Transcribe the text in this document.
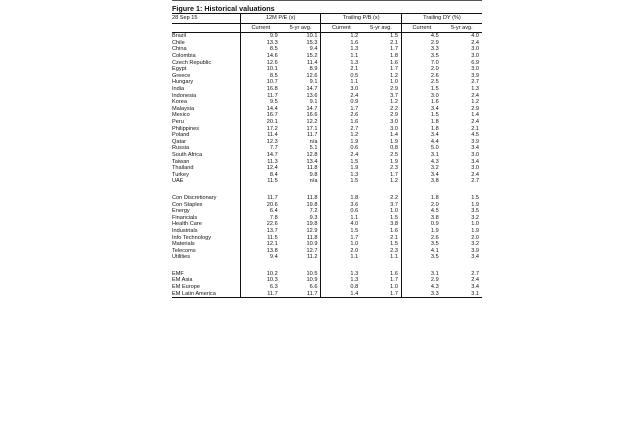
Figure 1: Historical valuations
28 Sep 15	12M P/E (x)		Trailing P/B (x)		Trailing DY (%)	
	Current	5-yr avg.	Current	5-yr avg.	Current	5-yr avg.
Brazil	9.9	10.1	1.2	1.5	4.5	4.0
Chile	13.3	15.3	1.6	2.1	2.9	2.4
China	8.5	9.4	1.3	1.7	3.3	3.0
Colombia	14.6	15.2	1.1	1.8	3.5	3.0
Czech Republic	12.6	11.4	1.3	1.6	7.0	6.9
Egypt	10.1	8.9	2.1	1.7	2.0	3.0
Greece	8.5	12.6	0.5	1.2	2.6	3.9
Hungary	10.7	9.1	1.1	1.0	2.5	2.7
India	16.8	14.7	3.0	2.9	1.5	1.3
Indonesia	11.7	13.6	2.4	3.7	3.0	2.4
Korea	9.5	9.1	0.9	1.2	1.6	1.2
Malaysia	14.4	14.7	1.7	2.2	3.4	2.9
Mexico	16.7	16.6	2.6	2.9	1.5	1.4
Peru	20.1	12.2	1.6	3.0	1.8	2.4
Philippines	17.2	17.1	2.7	3.0	1.8	2.1
Poland	11.4	11.7	1.2	1.4	3.4	4.5
Qatar	12.3	n/a	1.9	1.9	4.4	3.9
Russia	7.7	5.1	0.6	0.8	5.0	3.4
South Africa	14.7	12.8	2.4	2.5	3.1	3.0
Taiwan	11.3	13.4	1.5	1.9	4.3	3.4
Thailand	12.4	11.8	1.9	2.3	3.2	3.0
Turkey	8.4	9.8	1.3	1.7	3.4	2.4
UAE	11.5	n/a	1.5	1.2	3.8	2.7

Con Discretionary	11.7	11.8	1.8	2.2	1.8	1.5
Con Staples	20.6	19.8	3.6	3.7	2.0	1.9
Energy	6.4	7.2	0.6	1.0	4.5	3.5
Financials	7.8	9.3	1.1	1.5	3.8	3.2
Health Care	22.6	19.8	4.0	3.8	0.9	1.0
Industrials	13.7	12.9	1.5	1.6	1.9	1.9
Info Technology	11.5	11.8	1.7	2.1	2.6	2.0
Materials	12.1	10.9	1.0	1.5	3.5	3.2
Telecoms	13.8	12.7	2.0	2.3	4.1	3.9
Utilities	9.4	11.2	1.1	1.1	3.5	3.4

EMF	10.2	10.5	1.3	1.6	3.1	2.7
EM Asia	10.3	10.9	1.3	1.7	2.9	2.4
EM Europe	6.3	6.6	0.8	1.0	4.3	3.4
EM Latin America	11.7	11.7	1.4	1.7	3.3	3.1
